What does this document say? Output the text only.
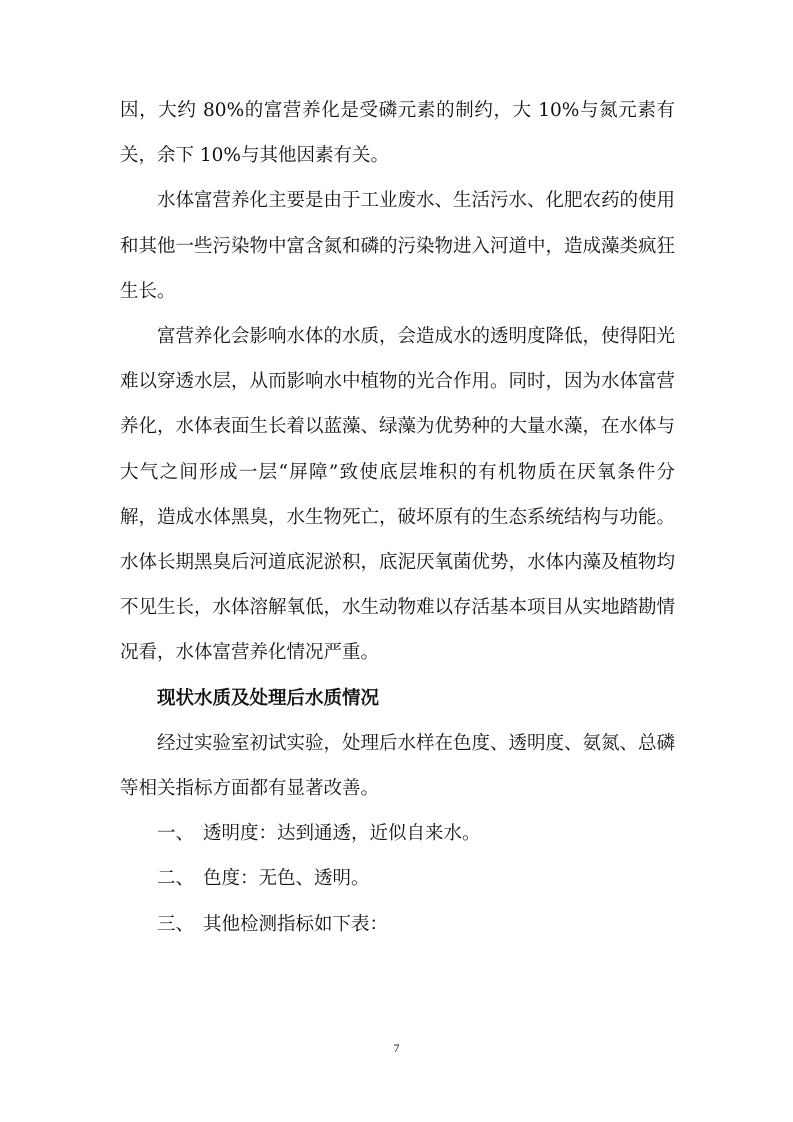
因，大约 80%的富营养化是受磷元素的制约，大 10%与氮元素有关，余下 10%与其他因素有关。

水体富营养化主要是由于工业废水、生活污水、化肥农药的使用和其他一些污染物中富含氮和磷的污染物进入河道中，造成藻类疯狂生长。

富营养化会影响水体的水质，会造成水的透明度降低，使得阳光难以穿透水层，从而影响水中植物的光合作用。同时，因为水体富营养化，水体表面生长着以蓝藻、绿藻为优势种的大量水藻，在水体与大气之间形成一层“屏障”致使底层堆积的有机物质在厌氧条件分解，造成水体黑臭，水生物死亡，破坏原有的生态系统结构与功能。水体长期黑臭后河道底泥淤积，底泥厌氧菌优势，水体内藻及植物均不见生长，水体溶解氧低，水生动物难以存活基本项目从实地踏勘情况看，水体富营养化情况严重。

现状水质及处理后水质情况

经过实验室初试实验，处理后水样在色度、透明度、氨氮、总磷等相关指标方面都有显著改善。

一、 透明度：达到通透，近似自来水。

二、 色度：无色、透明。

三、 其他检测指标如下表：

7
